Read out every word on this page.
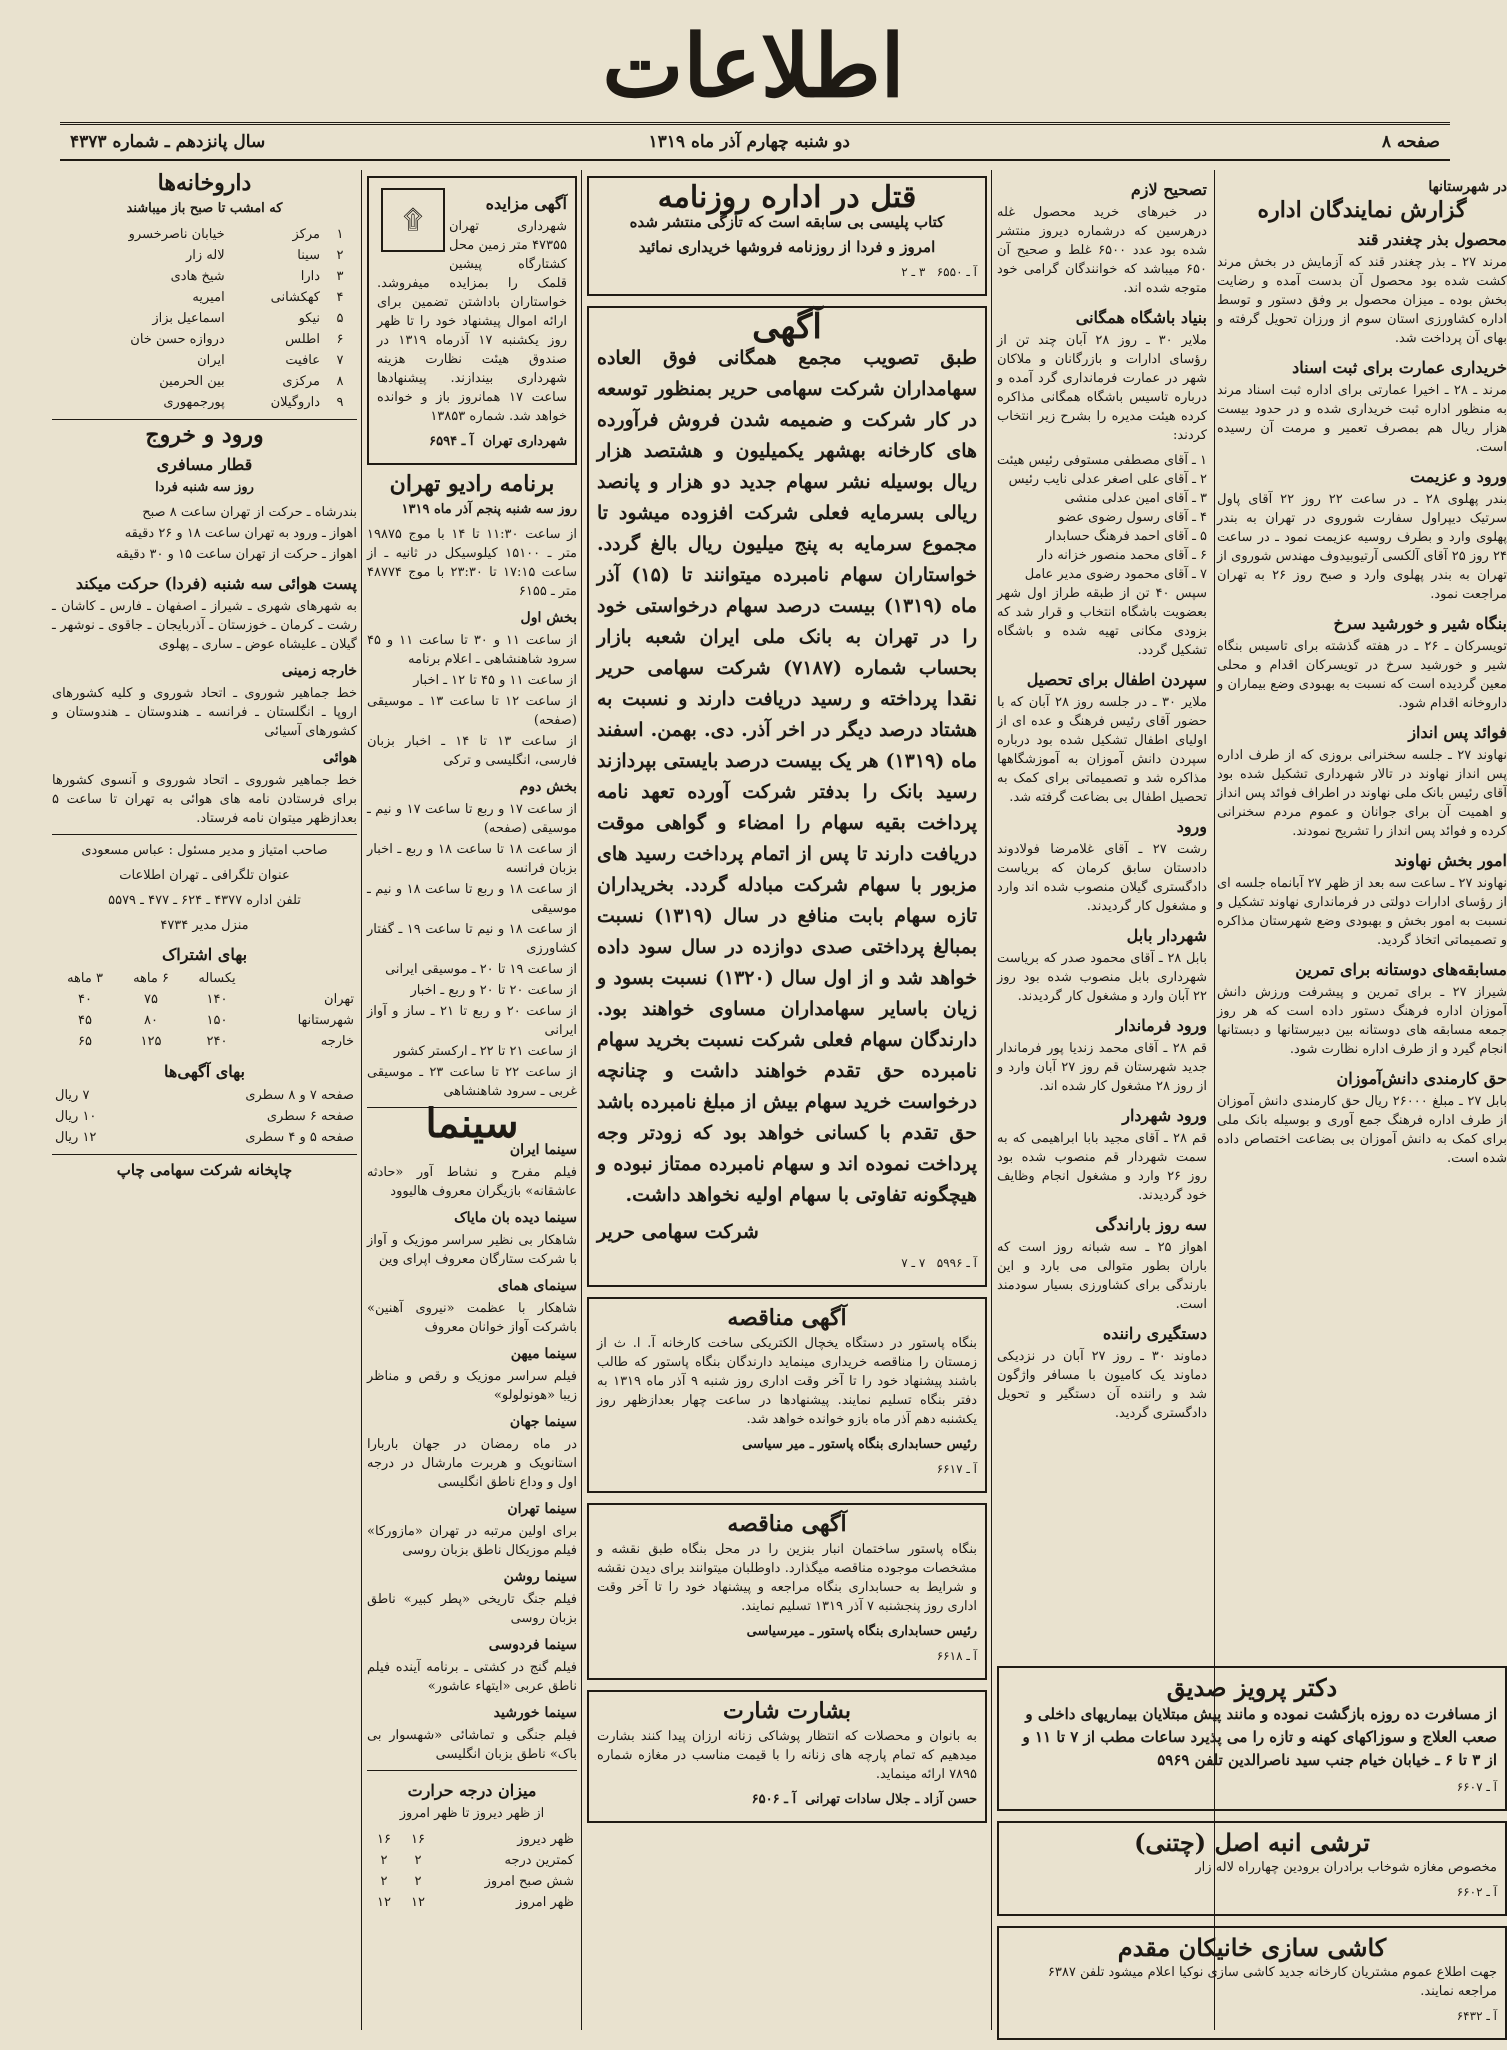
اطلاعات
صفحه ۸
دو شنبه چهارم آذر ماه ۱۳۱۹
سال پانزدهم ـ شماره ۴۳۷۳
در شهرستانها
گزارش نمایندگان اداره
محصول بذر چغندر قند

مرند ۲۷ ـ بذر چغندر قند که آزمایش در بخش مرند کشت شده بود محصول آن بدست آمده و رضایت بخش بوده ـ میزان محصول بر وفق دستور و توسط اداره کشاورزی استان سوم از ورزان تحویل گرفته و بهای آن پرداخت شد.

خریداری عمارت برای ثبت اسناد

مرند ـ ۲۸ ـ اخیرا عمارتی برای اداره ثبت اسناد مرند به منظور اداره ثبت خریداری شده و در حدود بیست هزار ریال هم بمصرف تعمیر و مرمت آن رسیده است.

ورود و عزیمت

بندر پهلوی ۲۸ ـ در ساعت ۲۲ روز ۲۲ آقای پاول سرتیک دیپراول سفارت شوروی در تهران به بندر پهلوی وارد و بطرف روسیه عزیمت نمود ـ در ساعت ۲۴ روز ۲۵ آقای آلکسی آرتیوبیدوف مهندس شوروی از تهران به بندر پهلوی وارد و صبح روز ۲۶ به تهران مراجعت نمود.

بنگاه شیر و خورشید سرخ

تویسرکان ـ ۲۶ ـ در هفته گذشته برای تاسیس بنگاه شیر و خورشید سرخ در تویسرکان اقدام و محلی معین گردیده است که نسبت به بهبودی وضع بیماران و داروخانه اقدام شود.

فوائد پس انداز

نهاوند ۲۷ ـ جلسه سخنرانی بروزی که از طرف اداره پس انداز نهاوند در تالار شهرداری تشکیل شده بود آقای رئیس بانک ملی نهاوند در اطراف فوائد پس انداز و اهمیت آن برای جوانان و عموم مردم سخنرانی کرده و فوائد پس انداز را تشریح نمودند.

امور بخش نهاوند

نهاوند ۲۷ ـ ساعت سه بعد از ظهر ۲۷ آبانماه جلسه ای از رؤسای ادارات دولتی در فرمانداری نهاوند تشکیل و نسبت به امور بخش و بهبودی وضع شهرستان مذاکره و تصمیماتی اتخاذ گردید.

مسابقه‌های دوستانه برای تمرین

شیراز ۲۷ ـ برای تمرین و پیشرفت ورزش دانش آموزان اداره فرهنگ دستور داده است که هر روز جمعه مسابقه های دوستانه بین دبیرستانها و دبستانها انجام گیرد و از طرف اداره نظارت شود.

حق کارمندی دانش‌آموزان

بابل ۲۷ ـ مبلغ ۲۶۰۰۰ ریال حق کارمندی دانش آموزان از طرف اداره فرهنگ جمع آوری و بوسیله بانک ملی برای کمک به دانش آموزان بی بضاعت اختصاص داده شده است.

تصحیح لازم

در خبرهای خرید محصول غله درهرسین که درشماره دیروز منتشر شده بود عدد ۶۵۰۰ غلط و صحیح آن ۶۵۰ میباشد که خوانندگان گرامی خود متوجه شده اند.

بنیاد باشگاه همگانی

ملایر ۳۰ ـ روز ۲۸ آبان چند تن از رؤسای ادارات و بازرگانان و ملاکان شهر در عمارت فرمانداری گرد آمده و درباره تاسیس باشگاه همگانی مذاکره کرده هیئت مدیره را بشرح زیر انتخاب کردند:

۱ ـ آقای مصطفی مستوفی رئیس هیئت

۲ ـ آقای علی اصغر عدلی نایب رئیس

۳ ـ آقای امین عدلی منشی

۴ ـ آقای رسول رضوی عضو

۵ ـ آقای احمد فرهنگ حسابدار

۶ ـ آقای محمد منصور خزانه دار

۷ ـ آقای محمود رضوی مدیر عامل

سپس ۴۰ تن از طبقه طراز اول شهر بعضویت باشگاه انتخاب و قرار شد که بزودی مکانی تهیه شده و باشگاه تشکیل گردد.

سپردن اطفال برای تحصیل

ملایر ۳۰ ـ در جلسه روز ۲۸ آبان که با حضور آقای رئیس فرهنگ و عده ای از اولیای اطفال تشکیل شده بود درباره سپردن دانش آموزان به آموزشگاهها مذاکره شد و تصمیماتی برای کمک به تحصیل اطفال بی بضاعت گرفته شد.

ورود

رشت ۲۷ ـ آقای غلامرضا فولادوند دادستان سابق کرمان که بریاست دادگستری گیلان منصوب شده اند وارد و مشغول کار گردیدند.

شهردار بابل

بابل ۲۸ ـ آقای محمود صدر که بریاست شهرداری بابل منصوب شده بود روز ۲۲ آبان وارد و مشغول کار گردیدند.

ورود فرماندار

قم ۲۸ ـ آقای محمد زندیا پور فرماندار جدید شهرستان قم روز ۲۷ آبان وارد و از روز ۲۸ مشغول کار شده اند.

ورود شهردار

قم ۲۸ ـ آقای مجید بابا ابراهیمی که به سمت شهردار قم منصوب شده بود روز ۲۶ وارد و مشغول انجام وظایف خود گردیدند.

سه روز باراندگی

اهواز ۲۵ ـ سه شبانه روز است که باران بطور متوالی می بارد و این بارندگی برای کشاورزی بسیار سودمند است.

دستگیری راننده

دماوند ۳۰ ـ روز ۲۷ آبان در نزدیکی دماوند یک کامیون با مسافر واژگون شد و راننده آن دستگیر و تحویل دادگستری گردید.

قتل در اداره روزنامه

کتاب پلیسی بی سابقه است که تازگی منتشر شده

امروز و فردا از روزنامه فروشها خریداری نمائید

آ ـ ۶۵۵۰   ۳ ـ ۲

آگهی

طبق تصویب مجمع همگانی فوق العاده سهامداران شرکت سهامی حریر بمنظور توسعه در کار شرکت و ضمیمه شدن فروش فرآورده های کارخانه بهشهر یکمیلیون و هشتصد هزار ریال بوسیله نشر سهام جدید دو هزار و پانصد ریالی بسرمایه فعلی شرکت افزوده میشود تا مجموع سرمایه به پنج میلیون ریال بالغ گردد. خواستاران سهام نامبرده میتوانند تا (۱۵) آذر ماه (۱۳۱۹) بیست درصد سهام درخواستی خود را در تهران به بانک ملی ایران شعبه بازار بحساب شماره (۷۱۸۷) شرکت سهامی حریر نقدا پرداخته و رسید دریافت دارند و نسبت به هشتاد درصد دیگر در اخر آذر. دی. بهمن. اسفند ماه (۱۳۱۹) هر یک بیست درصد بایستی بپردازند رسید بانک را بدفتر شرکت آورده تعهد نامه پرداخت بقیه سهام را امضاء و گواهی موقت دریافت دارند تا پس از اتمام پرداخت رسید های مزبور با سهام شرکت مبادله گردد. بخریداران تازه سهام بابت منافع در سال (۱۳۱۹) نسبت بمبالغ پرداختی صدی دوازده در سال سود داده خواهد شد و از اول سال (۱۳۲۰) نسبت بسود و زیان باسایر سهامداران مساوی خواهند بود. دارندگان سهام فعلی شرکت نسبت بخرید سهام نامبرده حق تقدم خواهند داشت و چنانچه درخواست خرید سهام بیش از مبلغ نامبرده باشد حق تقدم با کسانی خواهد بود که زودتر وجه پرداخت نموده اند و سهام نامبرده ممتاز نبوده و هیچگونه تفاوتی با سهام اولیه نخواهد داشت.

شرکت سهامی حریر

آ ـ ۵۹۹۶   ۷ ـ ۷

آگهی مناقصه

بنگاه پاستور در دستگاه یخچال الکتریکی ساخت کارخانه آ. ا. ث از زمستان را مناقصه خریداری مینماید دارندگان بنگاه پاستور که طالب باشند پیشنهاد خود را تا آخر وقت اداری روز شنبه ۹ آذر ماه ۱۳۱۹ به دفتر بنگاه تسلیم نمایند. پیشنهادها در ساعت چهار بعدازظهر روز یکشنبه دهم آذر ماه بازو خوانده خواهد شد.

رئیس حسابداری بنگاه پاستور ـ میر سیاسی

آ ـ ۶۶۱۷

آگهی مناقصه

بنگاه پاستور ساختمان انبار بنزین را در محل بنگاه طبق نقشه و مشخصات موجوده مناقصه میگذارد. داوطلبان میتوانند برای دیدن نقشه و شرایط به حسابداری بنگاه مراجعه و پیشنهاد خود را تا آخر وقت اداری روز پنجشنبه ۷ آذر ۱۳۱۹ تسلیم نمایند.

رئیس حسابداری بنگاه پاستور ـ میرسیاسی

آ ـ ۶۶۱۸

بشارت شارت

به بانوان و محصلات که انتظار پوشاکی زنانه ارزان پیدا کنند بشارت میدهیم که تمام پارچه های زنانه را با قیمت مناسب در مغازه شماره ۷۸۹۵ ارائه مینماید.

حسن آزاد ـ جلال سادات تهرانی  آ ـ ۶۵۰۶

۩
آگهی مزایده

شهرداری تهران ۴۷۳۵۵ متر زمین محل کشتارگاه پیشین قلمک را بمزایده میفروشد. خواستاران باداشتن تضمین برای ارائه اموال پیشنهاد خود را تا ظهر روز یکشنبه ۱۷ آذرماه ۱۳۱۹ در صندوق هیئت نظارت هزینه شهرداری بیندازند. پیشنهادها ساعت ۱۷ همانروز باز و خوانده خواهد شد. شماره ۱۳۸۵۳

شهرداری تهران  آ ـ ۶۵۹۴

برنامه رادیو تهران

روز سه شنبه پنجم آذر ماه ۱۳۱۹

از ساعت ۱۱:۳۰ تا ۱۴ با موج ۱۹۸۷۵ متر ـ ۱۵۱۰۰ کیلوسیکل در ثانیه ـ از ساعت ۱۷:۱۵ تا ۲۳:۳۰ با موج ۴۸۷۷۴ متر ـ ۶۱۵۵

بخش اول

از ساعت ۱۱ و ۳۰ تا ساعت ۱۱ و ۴۵ سرود شاهنشاهی ـ اعلام برنامه

از ساعت ۱۱ و ۴۵ تا ۱۲ ـ اخبار

از ساعت ۱۲ تا ساعت ۱۳ ـ موسیقی (صفحه)

از ساعت ۱۳ تا ۱۴ ـ اخبار بزبان فارسی، انگلیسی و ترکی

بخش دوم

از ساعت ۱۷ و ربع تا ساعت ۱۷ و نیم ـ موسیقی (صفحه)

از ساعت ۱۸ تا ساعت ۱۸ و ربع ـ اخبار بزبان فرانسه

از ساعت ۱۸ و ربع تا ساعت ۱۸ و نیم ـ موسیقی

از ساعت ۱۸ و نیم تا ساعت ۱۹ ـ گفتار کشاورزی

از ساعت ۱۹ تا ۲۰ ـ موسیقی ایرانی

از ساعت ۲۰ تا ۲۰ و ربع ـ اخبار

از ساعت ۲۰ و ربع تا ۲۱ ـ ساز و آواز ایرانی

از ساعت ۲۱ تا ۲۲ ـ ارکستر کشور

از ساعت ۲۲ تا ساعت ۲۳ ـ موسیقی غربی ـ سرود شاهنشاهی

سینما
سینما ایران

فیلم مفرح و نشاط آور «حادثه عاشقانه» بازیگران معروف هالیوود

سینما دیده بان مایاک

شاهکار بی نظیر سراسر موزیک و آواز با شرکت ستارگان معروف اپرای وین

سینمای همای

شاهکار با عظمت «نیروی آهنین» باشرکت آواز خوانان معروف

سینما میهن

فیلم سراسر موزیک و رقص و مناظر زیبا «هونولولو»

سینما جهان

در ماه رمضان در جهان باربارا استانویک و هربرت مارشال در درجه اول و وداع ناطق انگلیسی

سینما تهران

برای اولین مرتبه در تهران «مازورکا» فیلم موزیکال ناطق بزبان روسی

سینما روشن

فیلم جنگ تاریخی «پطر کبیر» ناطق بزبان روسی

سینما فردوسی

فیلم گنج در کشتی ـ برنامه آینده فیلم ناطق عربی «ایتهاء عاشور»

سینما خورشید

فیلم جنگی و تماشائی «شهسوار بی باک» ناطق بزبان انگلیسی

میزان درجه حرارت

از ظهر دیروز تا ظهر امروز

ظهر دیروز	۱۶	۱۶
کمترین درجه	۲	۲
شش صبح امروز	۲	۲
ظهر امروز	۱۲	۱۲
داروخانه‌ها

که امشب تا صبح باز میباشند

۱	مرکز	خیابان ناصرخسرو
۲	سینا	لاله زار
۳	دارا	شیخ هادی
۴	کهکشانی	امیریه
۵	نیکو	اسماعیل بزاز
۶	اطلس	دروازه حسن خان
۷	عافیت	ایران
۸	مرکزی	بین الحرمین
۹	داروگیلان	پورجمهوری
ورود و خروج
قطار مسافری

روز سه شنبه فردا

بندرشاه ـ حرکت از تهران ساعت ۸ صبح

اهواز ـ ورود به تهران ساعت ۱۸ و ۲۶ دقیقه

اهواز ـ حرکت از تهران ساعت ۱۵ و ۳۰ دقیقه

پست هوائی سه شنبه (فردا) حرکت میکند

به شهرهای شهری ـ شیراز ـ اصفهان ـ فارس ـ کاشان ـ رشت ـ کرمان ـ خوزستان ـ آذربایجان ـ جاقوی ـ نوشهر ـ گیلان ـ علیشاه عوض ـ ساری ـ پهلوی

خارجه زمینی

خط جماهیر شوروی ـ اتحاد شوروی و کلیه کشورهای اروپا ـ انگلستان ـ فرانسه ـ هندوستان ـ هندوستان و کشورهای آسیائی

هوائی

خط جماهیر شوروی ـ اتحاد شوروی و آنسوی کشورها برای فرستادن نامه های هوائی به تهران تا ساعت ۵ بعدازظهر میتوان نامه فرستاد.

صاحب امتیاز و مدیر مسئول : عباس مسعودی

عنوان تلگرافی ـ تهران اطلاعات

تلفن اداره ۴۳۷۷ ـ ۶۲۴ ـ ۴۷۷ ـ ۵۵۷۹

منزل مدیر ۴۷۳۴

بهای اشتراک
	یکساله	۶ ماهه	۳ ماهه
تهران	۱۴۰	۷۵	۴۰
شهرستانها	۱۵۰	۸۰	۴۵
خارجه	۲۴۰	۱۲۵	۶۵
بهای آگهی‌ها
صفحه ۷ و ۸ سطری	۷ ریال
صفحه ۶ سطری	۱۰ ریال
صفحه ۵ و ۴ سطری	۱۲ ریال

چاپخانه شرکت سهامی چاپ

دکتر پرویز صدیق

از مسافرت ده روزه بازگشت نموده و مانند پیش مبتلایان بیماریهای داخلی و صعب العلاج و سوزاکهای کهنه و تازه را می پذیرد ساعات مطب از ۷ تا ۱۱ و از ۳ تا ۶ ـ خیابان خیام جنب سید ناصرالدین تلفن ۵۹۶۹

آ ـ ۶۶۰۷

ترشی انبه اصل (چتنی)

مخصوص مغازه شوخاب برادران برودین چهارراه لاله زار

آ ـ ۶۶۰۲

کاشی سازی خانیکان مقدم

جهت اطلاع عموم مشتریان کارخانه جدید کاشی سازی نوکیا اعلام میشود تلفن ۶۳۸۷ مراجعه نمایند.

آ ـ ۶۴۳۲
